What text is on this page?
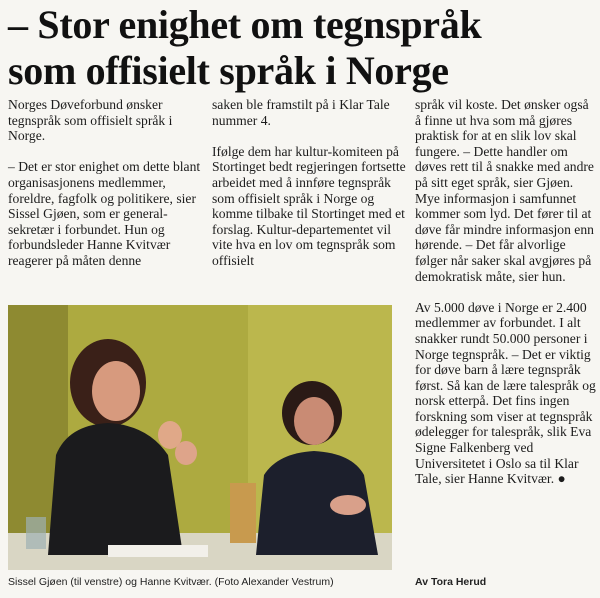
– Stor enighet om tegnspråk
som offisielt språk i Norge

Norges Døveforbund ønsker tegnspråk som offisielt språk i Norge.

– Det er stor enighet om dette blant organisasjonens medlemmer, foreldre, fagfolk og politikere, sier Sissel Gjøen, som er general-sekretær i forbundet. Hun og forbundsleder Hanne Kvitvær reagerer på måten denne

saken ble framstilt på i Klar Tale nummer 4.

Ifølge dem har kultur-komiteen på Stortinget bedt regjeringen fortsette arbeidet med å innføre tegnspråk som offisielt språk i Norge og komme tilbake til Stortinget med et forslag. Kultur-departementet vil vite hva en lov om tegnspråk som offisielt

språk vil koste. Det ønsker også å finne ut hva som må gjøres praktisk for at en slik lov skal fungere. – Dette handler om døves rett til å snakke med andre på sitt eget språk, sier Gjøen. Mye informasjon i samfunnet kommer som lyd. Det fører til at døve får mindre informasjon enn hørende. – Det får alvorlige følger når saker skal avgjøres på demokratisk måte, sier hun.

Av 5.000 døve i Norge er 2.400 medlemmer av forbundet. I alt snakker rundt 50.000 personer i Norge tegnspråk. – Det er viktig for døve barn å lære tegnspråk først. Så kan de lære talespråk og norsk etterpå. Det fins ingen forskning som viser at tegnspråk ødelegger for talespråk, slik Eva Signe Falkenberg ved Universitetet i Oslo sa til Klar Tale, sier Hanne Kvitvær. ●

Sissel Gjøen (til venstre) og Hanne Kvitvær. (Foto Alexander Vestrum)	Av Tora Herud
